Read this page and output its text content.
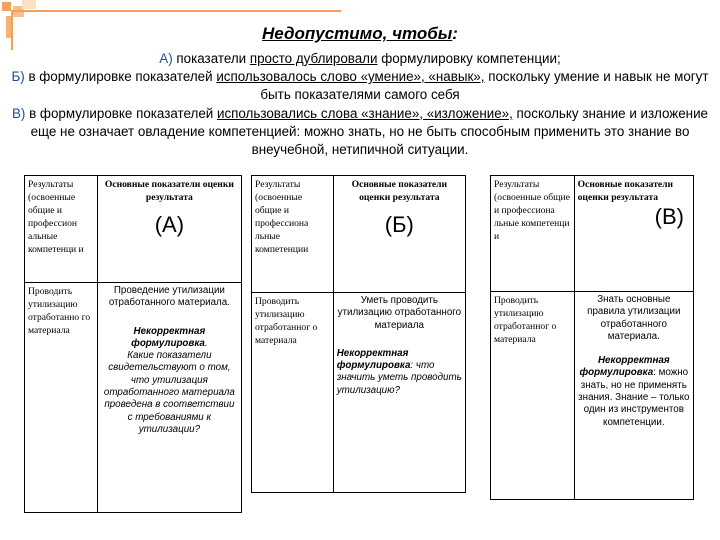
Недопустимо, чтобы:
А) показатели просто дублировали формулировку компетенции;
Б) в формулировке показателей использовалось слово «умение», «навык», поскольку умение и навык не могут быть показателями самого себя
В) в формулировке показателей использовались слова «знание», «изложение», поскольку знание и изложение еще не означает овладение компетенцией: можно знать, но не быть способным применить это знание во внеучебной, нетипичной ситуации.
Результаты (освоенные общие и профессион альные компетенци и	Основные показатели оценки результата
(А)

Проводить утилизацию отработанно го материала	Проведение утилизации отработанного материала.
Некорректная формулировка.
Какие показатели свидетельствуют о том, что утилизация отработанного материала проведена в соответствии с требованиями к утилизации?
Результаты (освоенные общие и профессиона льные компетенции	Основные показатели оценки результата
(Б)

Проводить утилизацию отработанног о материала	Уметь проводить утилизацию отработанного материала
Некорректная формулировка: что значить уметь проводить утилизацию?
Результаты (освоенные общие и профессиона льные компетенци и	Основные показатели оценки результата
(В)

Проводить утилизацию отработанног о материала	Знать основные правила утилизации отработанного материала.
Некорректная формулировка: можно знать, но не применять знания. Знание – только один из инструментов компетенции.
